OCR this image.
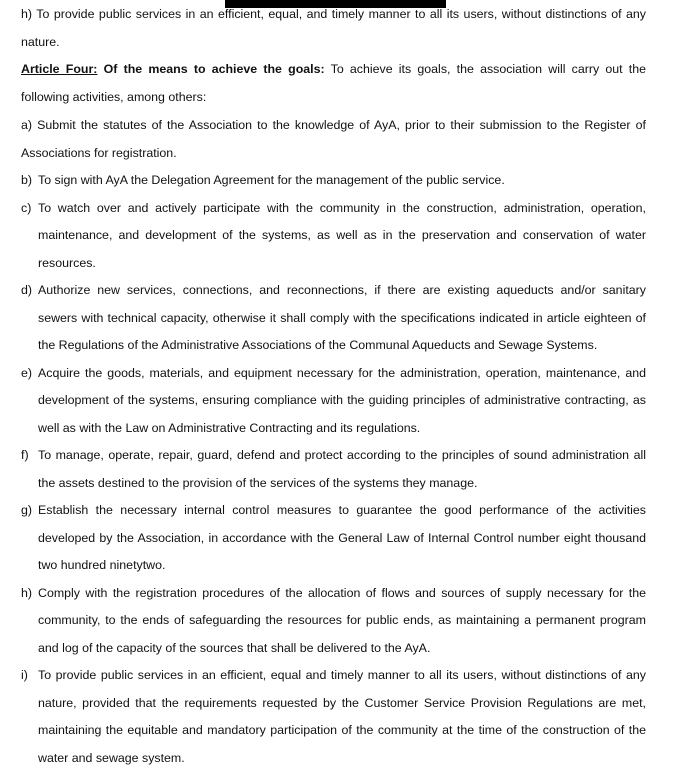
h) To provide public services in an efficient, equal, and timely manner to all its users, without distinctions of any nature.
Article Four: Of the means to achieve the goals: To achieve its goals, the association will carry out the following activities, among others:
a) Submit the statutes of the Association to the knowledge of AyA, prior to their submission to the Register of Associations for registration.
b) To sign with AyA the Delegation Agreement for the management of the public service.
c) To watch over and actively participate with the community in the construction, administration, operation, maintenance, and development of the systems, as well as in the preservation and conservation of water resources.
d) Authorize new services, connections, and reconnections, if there are existing aqueducts and/or sanitary sewers with technical capacity, otherwise it shall comply with the specifications indicated in article eighteen of the Regulations of the Administrative Associations of the Communal Aqueducts and Sewage Systems.
e) Acquire the goods, materials, and equipment necessary for the administration, operation, maintenance, and development of the systems, ensuring compliance with the guiding principles of administrative contracting, as well as with the Law on Administrative Contracting and its regulations.
f) To manage, operate, repair, guard, defend and protect according to the principles of sound administration all the assets destined to the provision of the services of the systems they manage.
g) Establish the necessary internal control measures to guarantee the good performance of the activities developed by the Association, in accordance with the General Law of Internal Control number eight thousand two hundred ninetytwo.
h) Comply with the registration procedures of the allocation of flows and sources of supply necessary for the community, to the ends of safeguarding the resources for public ends, as maintaining a permanent program and log of the capacity of the sources that shall be delivered to the AyA.
i) To provide public services in an efficient, equal and timely manner to all its users, without distinctions of any nature, provided that the requirements requested by the Customer Service Provision Regulations are met, maintaining the equitable and mandatory participation of the community at the time of the construction of the water and sewage system.
